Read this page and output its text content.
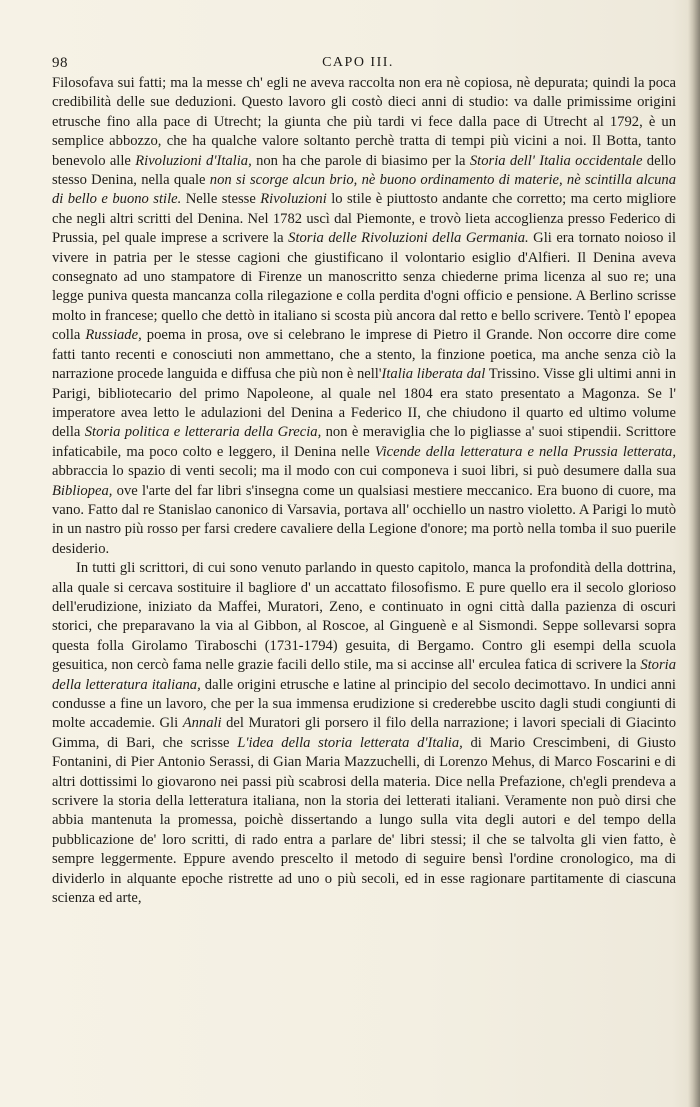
98	CAPO III.

Filosofava sui fatti; ma la messe ch' egli ne aveva raccolta non era nè copiosa, nè depurata; quindi la poca credibilità delle sue deduzioni. Questo lavoro gli costò dieci anni di studio: va dalle primissime origini etrusche fino alla pace di Utrecht; la giunta che più tardi vi fece dalla pace di Utrecht al 1792, è un semplice abbozzo, che ha qualche valore soltanto perchè tratta di tempi più vicini a noi. Il Botta, tanto benevolo alle Rivoluzioni d'Italia, non ha che parole di biasimo per la Storia dell' Italia occidentale dello stesso Denina, nella quale non si scorge alcun brio, nè buono ordinamento di materie, nè scintilla alcuna di bello e buono stile. Nelle stesse Rivoluzioni lo stile è piuttosto andante che corretto; ma certo migliore che negli altri scritti del Denina. Nel 1782 uscì dal Piemonte, e trovò lieta accoglienza presso Federico di Prussia, pel quale imprese a scrivere la Storia delle Rivoluzioni della Germania. Gli era tornato noioso il vivere in patria per le stesse cagioni che giustificano il volontario esiglio d'Alfieri. Il Denina aveva consegnato ad uno stampatore di Firenze un manoscritto senza chiederne prima licenza al suo re; una legge puniva questa mancanza colla rilegazione e colla perdita d'ogni officio e pensione. A Berlino scrisse molto in francese; quello che dettò in italiano si scosta più ancora dal retto e bello scrivere. Tentò l' epopea colla Russiade, poema in prosa, ove si celebrano le imprese di Pietro il Grande. Non occorre dire come fatti tanto recenti e conosciuti non ammettano, che a stento, la finzione poetica, ma anche senza ciò la narrazione procede languida e diffusa che più non è nell'Italia liberata dal Trissino. Visse gli ultimi anni in Parigi, bibliotecario del primo Napoleone, al quale nel 1804 era stato presentato a Magonza. Se l' imperatore avea letto le adulazioni del Denina a Federico II, che chiudono il quarto ed ultimo volume della Storia politica e letteraria della Grecia, non è meraviglia che lo pigliasse a' suoi stipendii. Scrittore infaticabile, ma poco colto e leggero, il Denina nelle Vicende della letteratura e nella Prussia letterata, abbraccia lo spazio di venti secoli; ma il modo con cui componeva i suoi libri, si può desumere dalla sua Bibliopea, ove l'arte del far libri s'insegna come un qualsiasi mestiere meccanico. Era buono di cuore, ma vano. Fatto dal re Stanislao canonico di Varsavia, portava all' occhiello un nastro violetto. A Parigi lo mutò in un nastro più rosso per farsi credere cavaliere della Legione d'onore; ma portò nella tomba il suo puerile desiderio.

In tutti gli scrittori, di cui sono venuto parlando in questo capitolo, manca la profondità della dottrina, alla quale si cercava sostituire il bagliore d' un accattato filosofismo. E pure quello era il secolo glorioso dell'erudizione, iniziato da Maffei, Muratori, Zeno, e continuato in ogni città dalla pazienza di oscuri storici, che preparavano la via al Gibbon, al Roscoe, al Ginguenè e al Sismondi. Seppe sollevarsi sopra questa folla Girolamo Tiraboschi (1731-1794) gesuita, di Bergamo. Contro gli esempi della scuola gesuitica, non cercò fama nelle grazie facili dello stile, ma si accinse all' erculea fatica di scrivere la Storia della letteratura italiana, dalle origini etrusche e latine al principio del secolo decimottavo. In undici anni condusse a fine un lavoro, che per la sua immensa erudizione si crederebbe uscito dagli studi congiunti di molte accademie. Gli Annali del Muratori gli porsero il filo della narrazione; i lavori speciali di Giacinto Gimma, di Bari, che scrisse L'idea della storia letterata d'Italia, di Mario Crescimbeni, di Giusto Fontanini, di Pier Antonio Serassi, di Gian Maria Mazzuchelli, di Lorenzo Mehus, di Marco Foscarini e di altri dottissimi lo giovarono nei passi più scabrosi della materia. Dice nella Prefazione, ch'egli prendeva a scrivere la storia della letteratura italiana, non la storia dei letterati italiani. Veramente non può dirsi che abbia mantenuta la promessa, poichè dissertando a lungo sulla vita degli autori e del tempo della pubblicazione de' loro scritti, di rado entra a parlare de' libri stessi; il che se talvolta gli vien fatto, è sempre leggermente. Eppure avendo prescelto il metodo di seguire bensì l'ordine cronologico, ma di dividerlo in alquante epoche ristrette ad uno o più secoli, ed in esse ragionare partitamente di ciascuna scienza ed arte,
